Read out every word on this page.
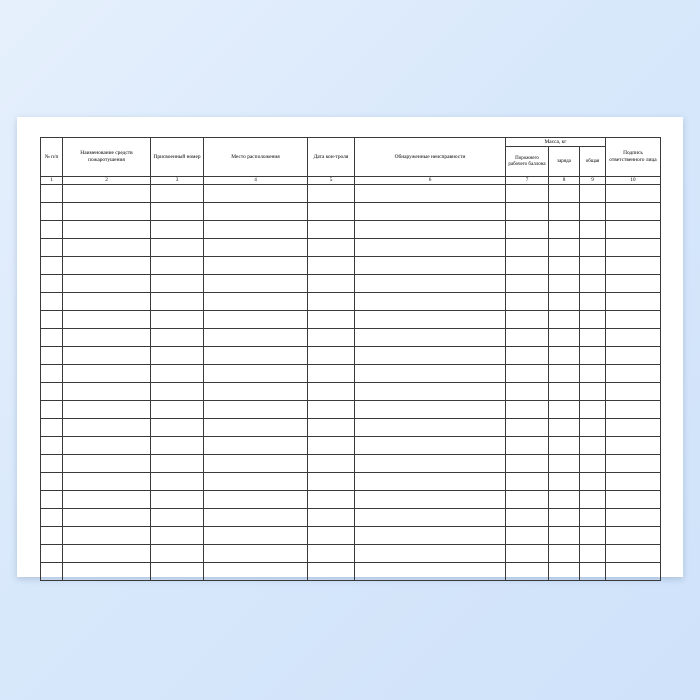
№ п/п	Наименование средств пожаротушения	Присвоенный номер	Место расположения	Дата кон-троля	Обнаруженные неисправности	Масса, кг			Подпись ответственного лица
						Порожнего рабочего баллона	заряда	общая	
1	2	3	4	5	6	7	8	9	10
